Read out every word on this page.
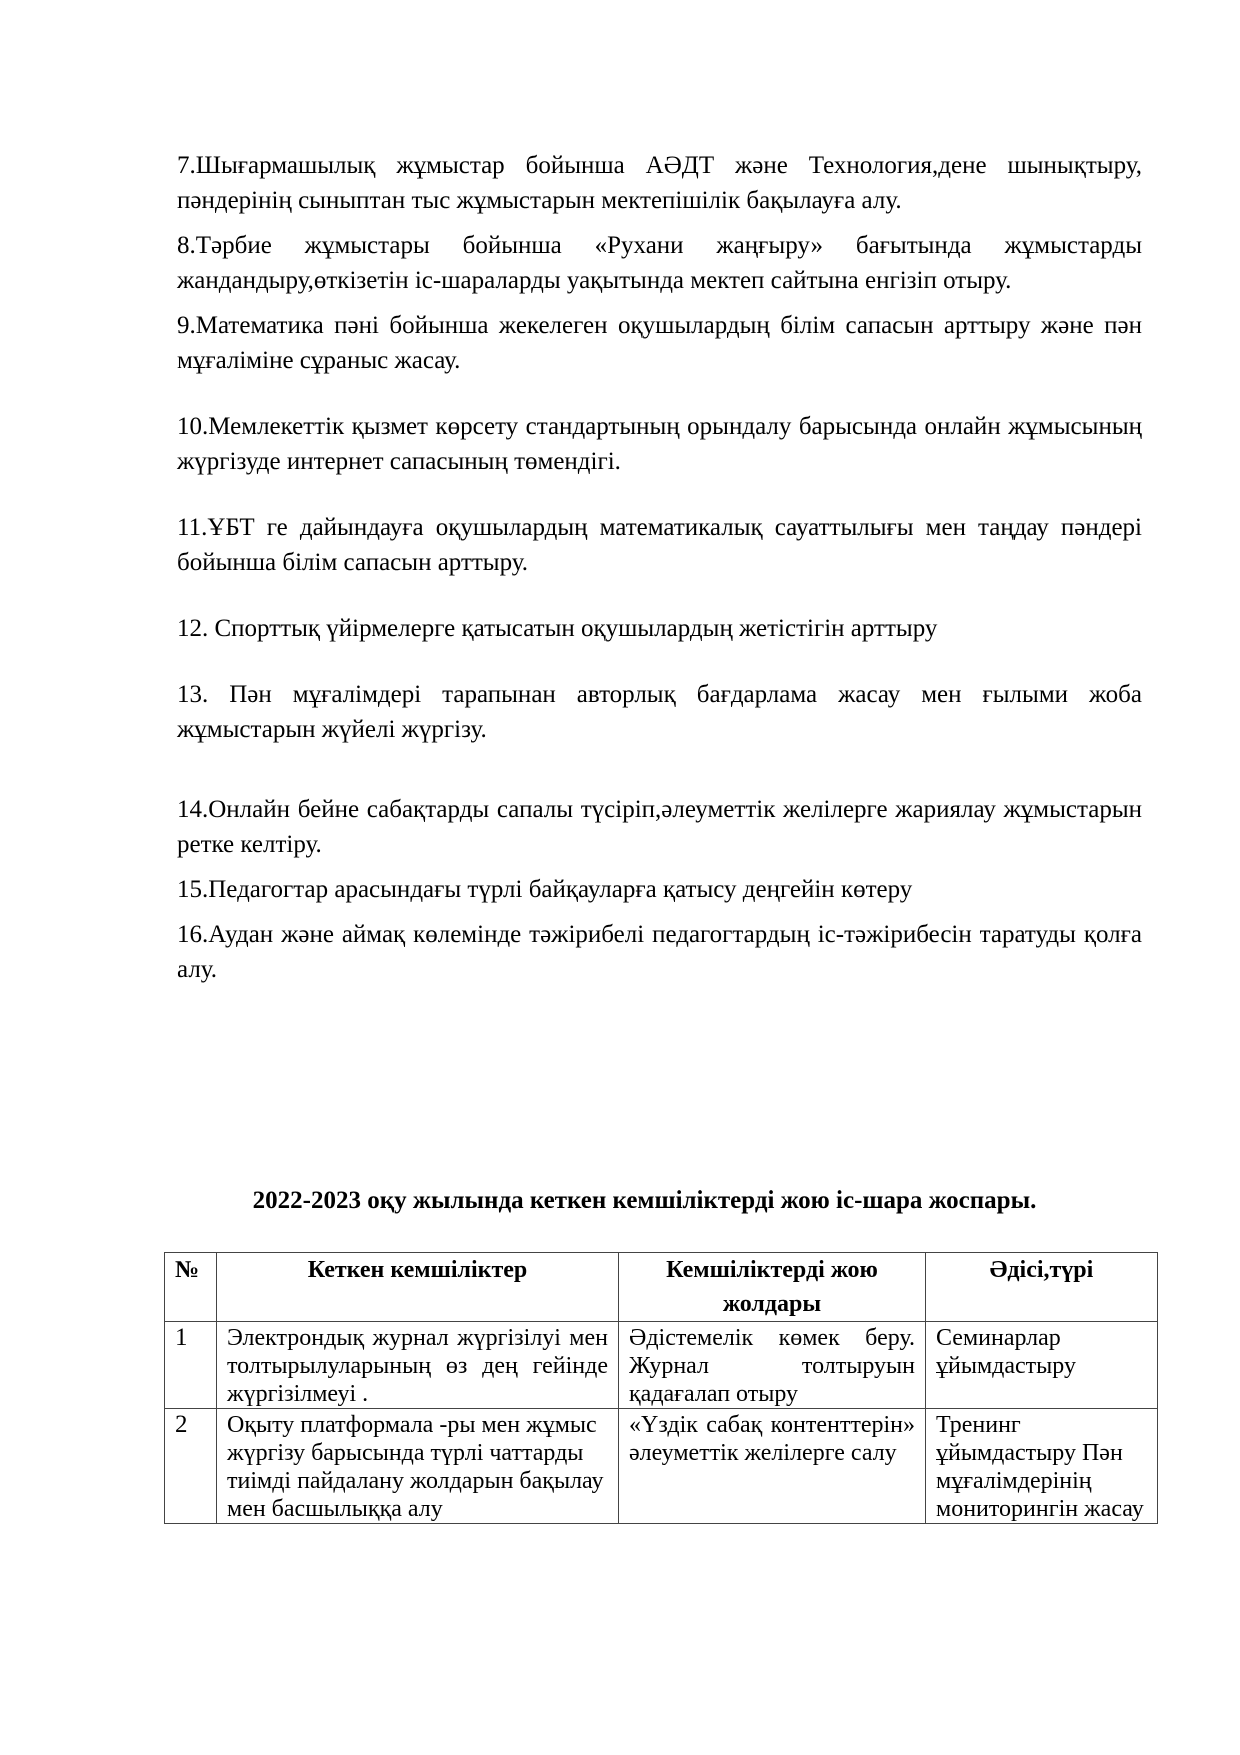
7.Шығармашылық жұмыстар бойынша АӘДТ және Технология,дене шынықтыру, пәндерінің сыныптан тыс жұмыстарын мектепішілік бақылауға алу.

8.Тәрбие жұмыстары бойынша «Рухани жаңғыру» бағытында жұмыстарды жандандыру,өткізетін іс-шараларды уақытында мектеп сайтына енгізіп отыру.

9.Математика пәні бойынша жекелеген оқушылардың білім сапасын арттыру және пән мұғаліміне сұраныс жасау.

10.Мемлекеттік қызмет көрсету стандартының орындалу барысында онлайн жұмысының жүргізуде интернет сапасының төмендігі.

11.ҰБТ ге дайындауға оқушылардың математикалық сауаттылығы мен таңдау пәндері бойынша білім сапасын арттыру.

12. Спорттық үйірмелерге қатысатын оқушылардың жетістігін арттыру

13. Пән мұғалімдері тарапынан авторлық бағдарлама жасау мен ғылыми жоба жұмыстарын жүйелі жүргізу.

14.Онлайн бейне сабақтарды сапалы түсіріп,әлеуметтік желілерге жариялау жұмыстарын ретке келтіру.

15.Педагогтар арасындағы түрлі байқауларға қатысу деңгейін көтеру

16.Аудан және аймақ көлемінде тәжірибелі педагогтардың іс-тәжірибесін таратуды қолға алу.

2022-2023 оқу жылында кеткен кемшіліктерді жою іс-шара жоспары.

№	Кеткен кемшіліктер	Кемшіліктерді жою жолдары	Әдісі,түрі
1	Электрондық журнал жүргізілуі мен толтырылуларының өз дең гейінде жүргізілмеуі .	Әдістемелік көмек беру. Журнал толтыруын қадағалап отыру	Семинарлар ұйымдастыру
2	Оқыту платформала -ры мен жұмыс жүргізу барысында түрлі чаттарды тиімді пайдалану жолдарын бақылау мен басшылыққа алу	«Үздік сабақ контенттерін» әлеуметтік желілерге салу	Тренинг ұйымдастыру Пән мұғалімдерінің мониторингін жасау
